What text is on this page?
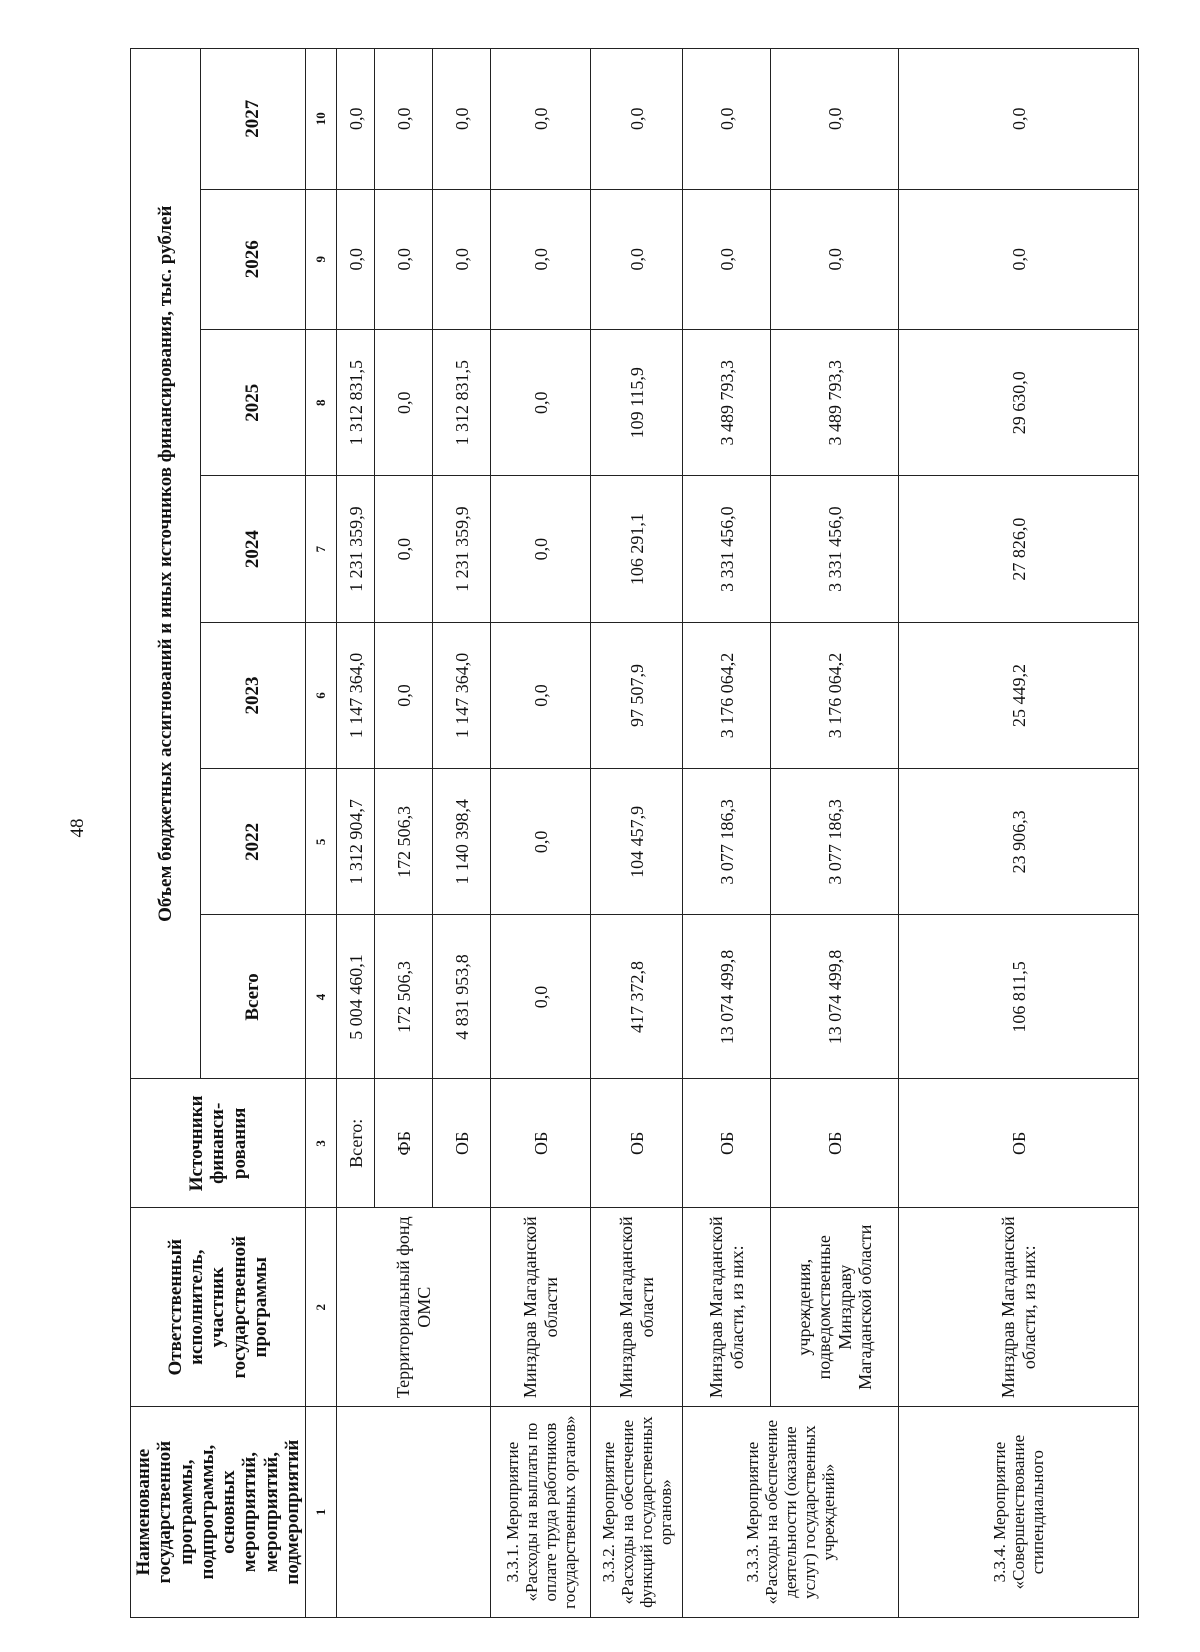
48
Наименование государственной программы, подпрограммы, основных мероприятий, мероприятий, подмероприятий	Ответственный исполнитель, участник государственной программы	Источники финанси-рования	Объем бюджетных ассигнований и иных источников финансирования, тыс. рублей						
			Всего	2022	2023	2024	2025	2026	2027
1	2	3	4	5	6	7	8	9	10
	Территориальный фонд ОМС	Всего:	5 004 460,1	1 312 904,7	1 147 364,0	1 231 359,9	1 312 831,5	0,0	0,0
		ФБ	172 506,3	172 506,3	0,0	0,0	0,0	0,0	0,0
		ОБ	4 831 953,8	1 140 398,4	1 147 364,0	1 231 359,9	1 312 831,5	0,0	0,0
3.3.1. Мероприятие «Расходы на выплаты по оплате труда работников государственных органов»	Минздрав Магаданской области	ОБ	0,0	0,0	0,0	0,0	0,0	0,0	0,0
3.3.2. Мероприятие «Расходы на обеспечение функций государственных органов»	Минздрав Магаданской области	ОБ	417 372,8	104 457,9	97 507,9	106 291,1	109 115,9	0,0	0,0
3.3.3. Мероприятие «Расходы на обеспечение деятельности (оказание услуг) государственных учреждений»	Минздрав Магаданской области, из них:	ОБ	13 074 499,8	3 077 186,3	3 176 064,2	3 331 456,0	3 489 793,3	0,0	0,0
	учреждения, подведомственные Минздраву Магаданской области	ОБ	13 074 499,8	3 077 186,3	3 176 064,2	3 331 456,0	3 489 793,3	0,0	0,0
3.3.4. Мероприятие «Совершенствование стипендиального	Минздрав Магаданской области, из них:	ОБ	106 811,5	23 906,3	25 449,2	27 826,0	29 630,0	0,0	0,0
